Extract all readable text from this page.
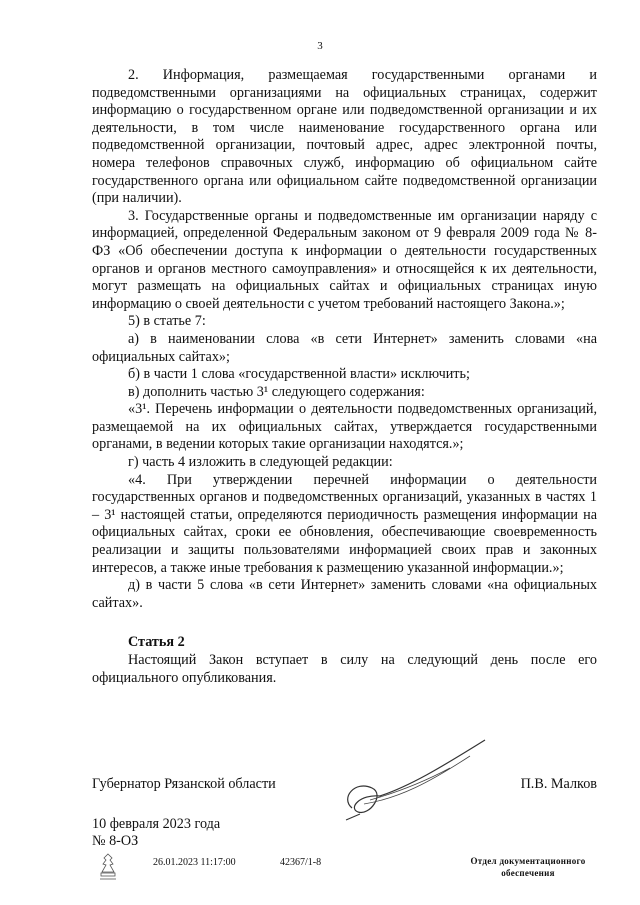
3

2. Информация, размещаемая государственными органами и подведомственными организациями на официальных страницах, содержит информацию о государственном органе или подведомственной организации и их деятельности, в том числе наименование государственного органа или подведомственной организации, почтовый адрес, адрес электронной почты, номера телефонов справочных служб, информацию об официальном сайте государственного органа или официальном сайте подведомственной организации (при наличии).

3. Государственные органы и подведомственные им организации наряду с информацией, определенной Федеральным законом от 9 февраля 2009 года № 8-ФЗ «Об обеспечении доступа к информации о деятельности государственных органов и органов местного самоуправления» и относящейся к их деятельности, могут размещать на официальных сайтах и официальных страницах иную информацию о своей деятельности с учетом требований настоящего Закона.»;

5) в статье 7:

а) в наименовании слова «в сети Интернет» заменить словами «на официальных сайтах»;

б) в части 1 слова «государственной власти» исключить;

в) дополнить частью 3¹ следующего содержания:

«3¹. Перечень информации о деятельности подведомственных организаций, размещаемой на их официальных сайтах, утверждается государственными органами, в ведении которых такие организации находятся.»;

г) часть 4 изложить в следующей редакции:

«4. При утверждении перечней информации о деятельности государственных органов и подведомственных организаций, указанных в частях 1 – 3¹ настоящей статьи, определяются периодичность размещения информации на официальных сайтах, сроки ее обновления, обеспечивающие своевременность реализации и защиты пользователями информацией своих прав и законных интересов, а также иные требования к размещению указанной информации.»;

д) в части 5 слова «в сети Интернет» заменить словами «на официальных сайтах».

Статья 2

Настоящий Закон вступает в силу на следующий день после его официального опубликования.

Губернатор Рязанской области	П.В. Малков
10 февраля 2023 года
№ 8-ОЗ
26.01.2023 11:17:00	42367/1-8	Отдел документационного
обеспечения
